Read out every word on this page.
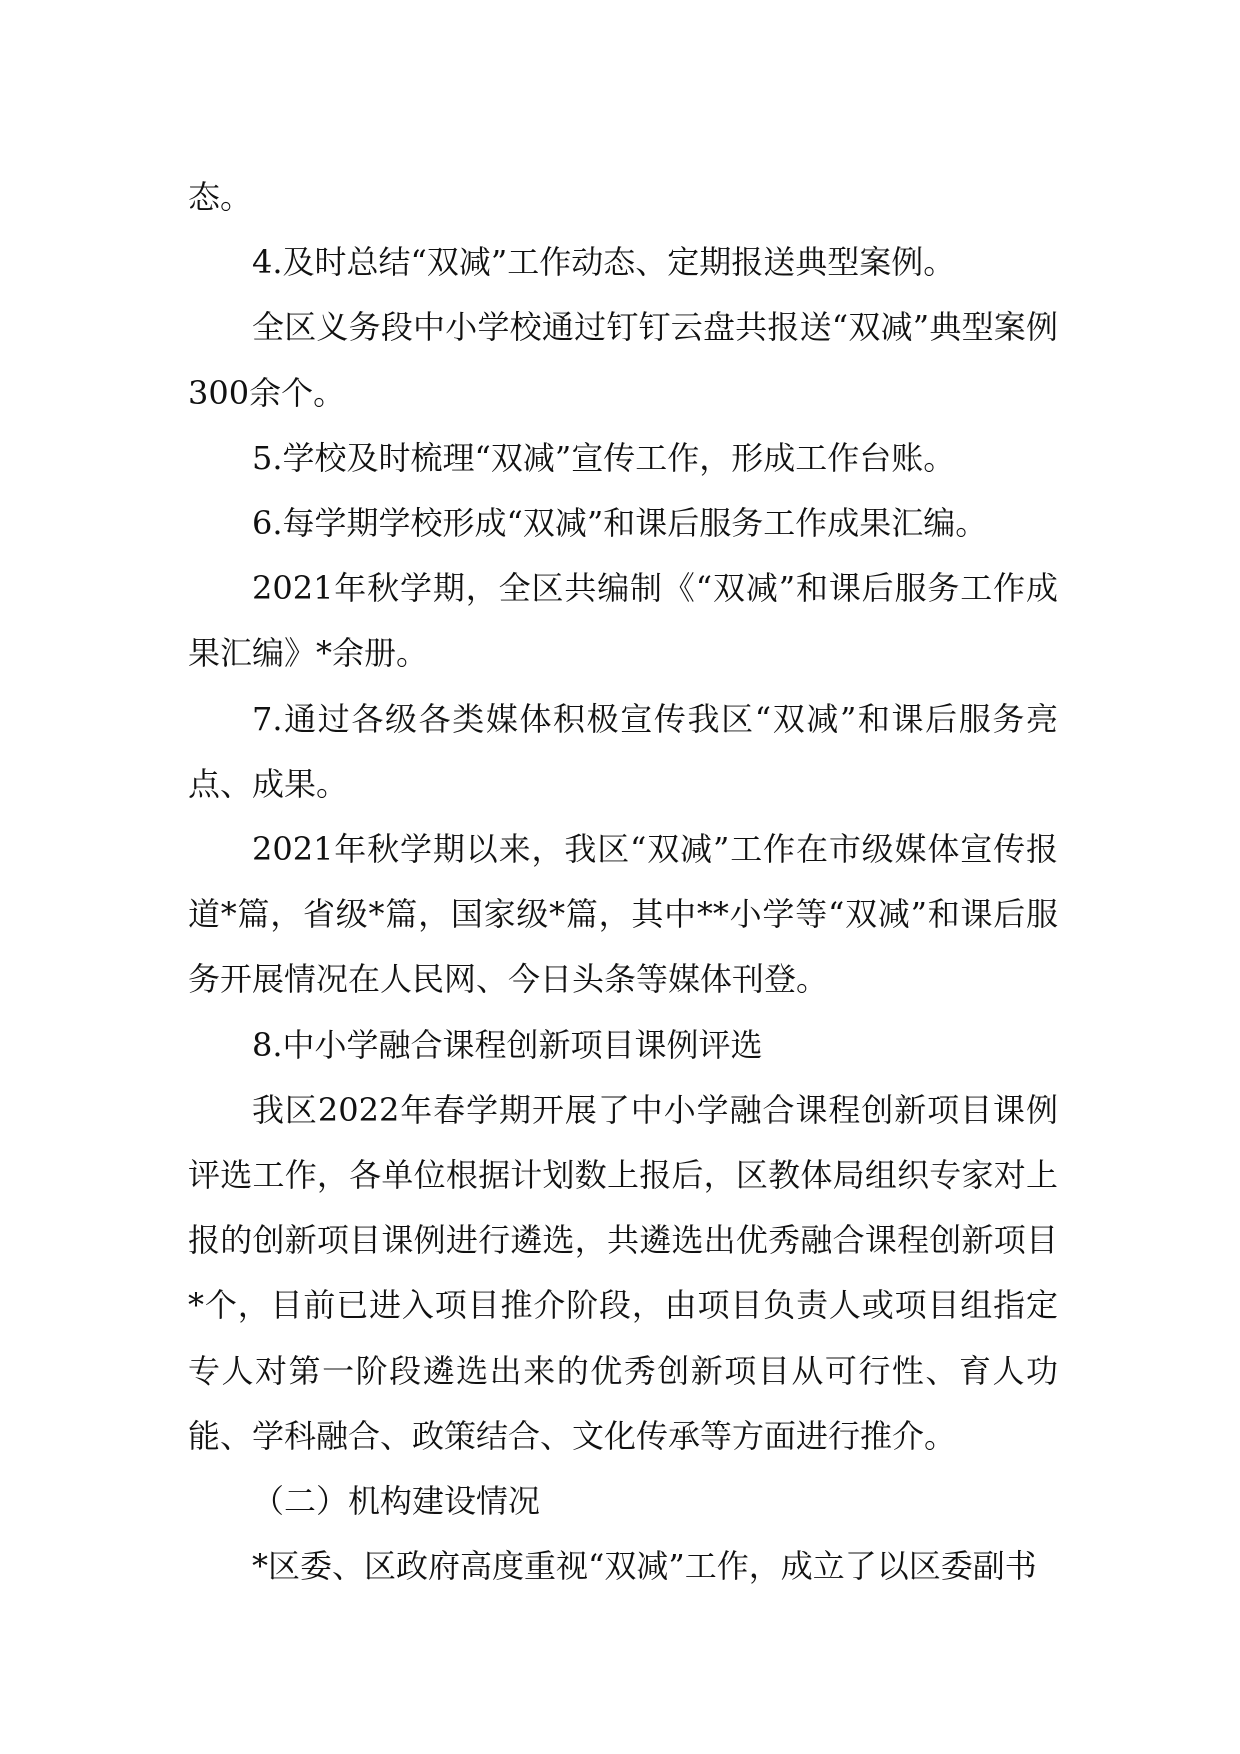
态。

4.及时总结“双减”工作动态、定期报送典型案例。

全区义务段中小学校通过钉钉云盘共报送“双减”典型案例300余个。

5.学校及时梳理“双减”宣传工作，形成工作台账。

6.每学期学校形成“双减”和课后服务工作成果汇编。

2021年秋学期，全区共编制《“双减”和课后服务工作成果汇编》*余册。

7.通过各级各类媒体积极宣传我区“双减”和课后服务亮点、成果。

2021年秋学期以来，我区“双减”工作在市级媒体宣传报道*篇，省级*篇，国家级*篇，其中**小学等“双减”和课后服务开展情况在人民网、今日头条等媒体刊登。

8.中小学融合课程创新项目课例评选

我区2022年春学期开展了中小学融合课程创新项目课例评选工作，各单位根据计划数上报后，区教体局组织专家对上报的创新项目课例进行遴选，共遴选出优秀融合课程创新项目*个，目前已进入项目推介阶段，由项目负责人或项目组指定专人对第一阶段遴选出来的优秀创新项目从可行性、育人功能、学科融合、政策结合、文化传承等方面进行推介。

（二）机构建设情况

*区委、区政府高度重视“双减”工作，成立了以区委副书
